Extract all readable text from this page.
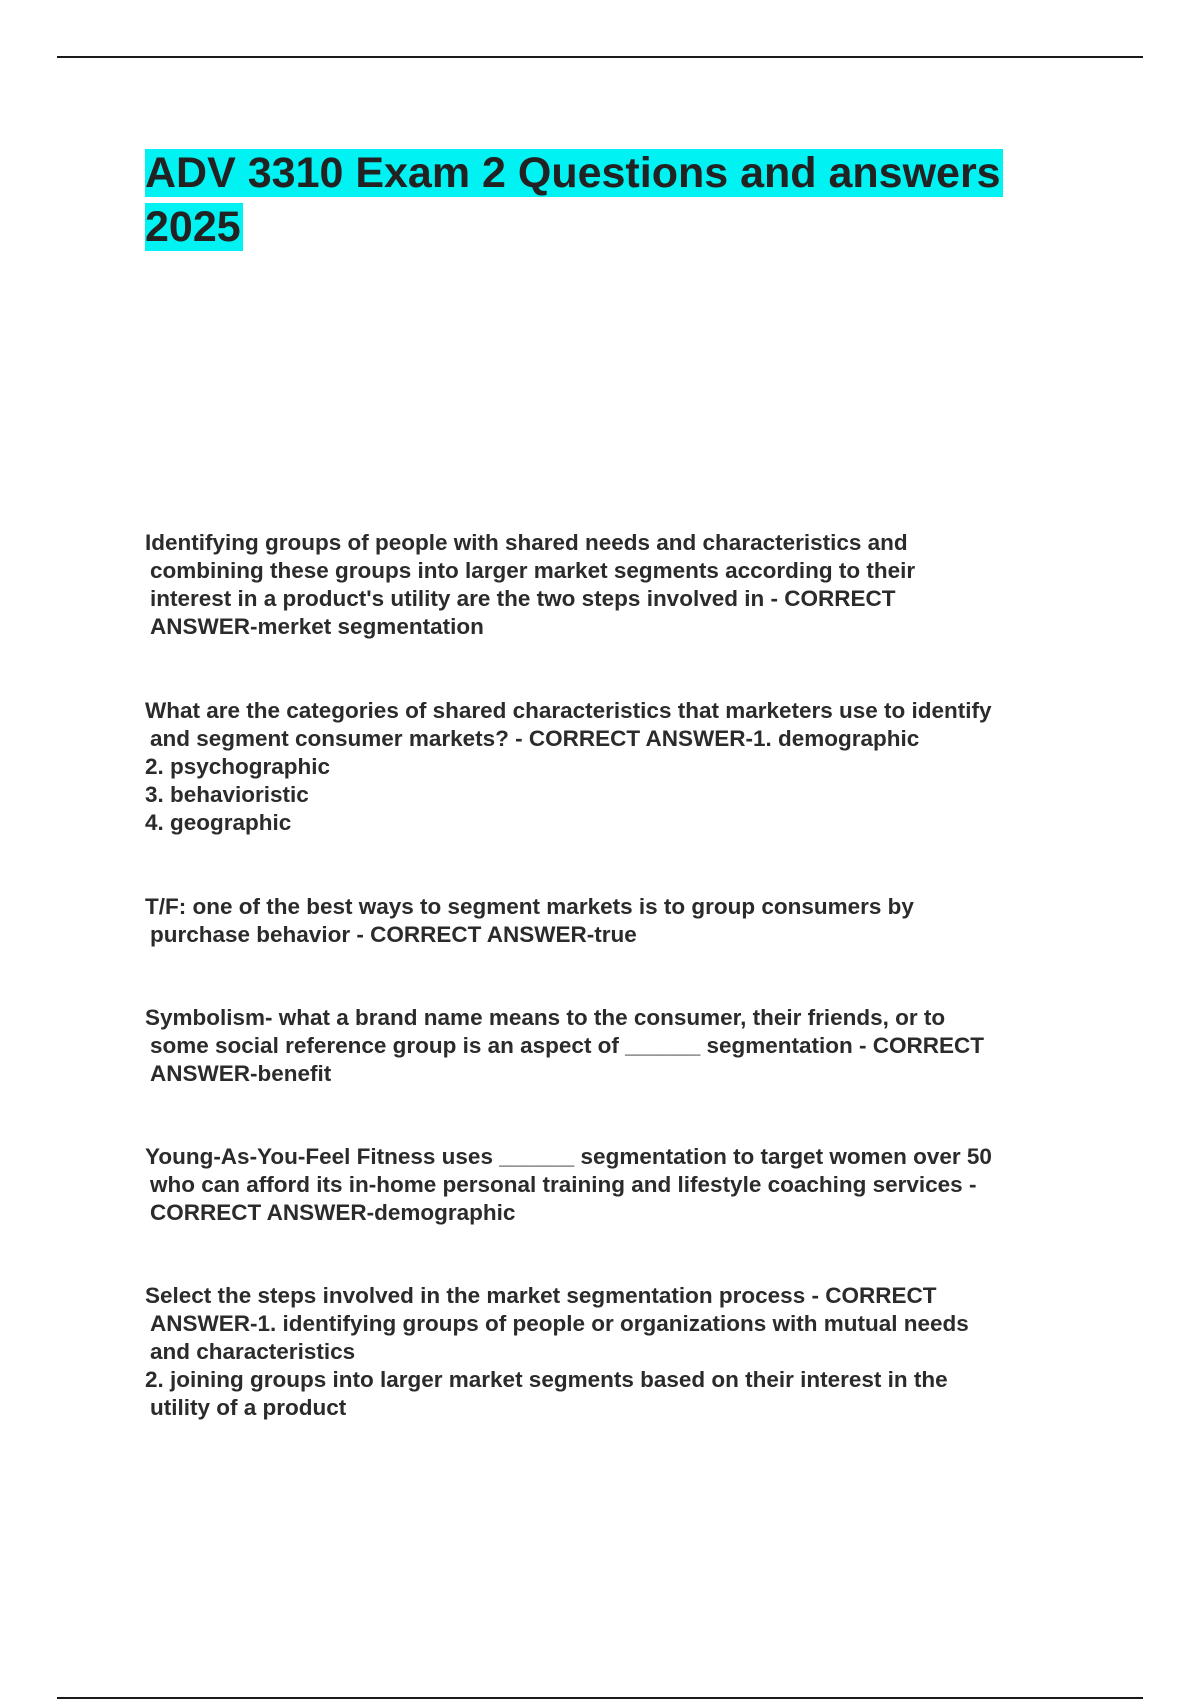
ADV 3310 Exam 2 Questions and answers
2025
Identifying groups of people with shared needs and characteristics and
combining these groups into larger market segments according to their
interest in a product's utility are the two steps involved in - CORRECT
ANSWER-merket segmentation
What are the categories of shared characteristics that marketers use to identify
and segment consumer markets? - CORRECT ANSWER-1. demographic
2. psychographic
3. behavioristic
4. geographic
T/F: one of the best ways to segment markets is to group consumers by
purchase behavior - CORRECT ANSWER-true
Symbolism- what a brand name means to the consumer, their friends, or to
some social reference group is an aspect of ______ segmentation - CORRECT
ANSWER-benefit
Young-As-You-Feel Fitness uses ______ segmentation to target women over 50
who can afford its in-home personal training and lifestyle coaching services -
CORRECT ANSWER-demographic
Select the steps involved in the market segmentation process - CORRECT
ANSWER-1. identifying groups of people or organizations with mutual needs
and characteristics
2. joining groups into larger market segments based on their interest in the
utility of a product
